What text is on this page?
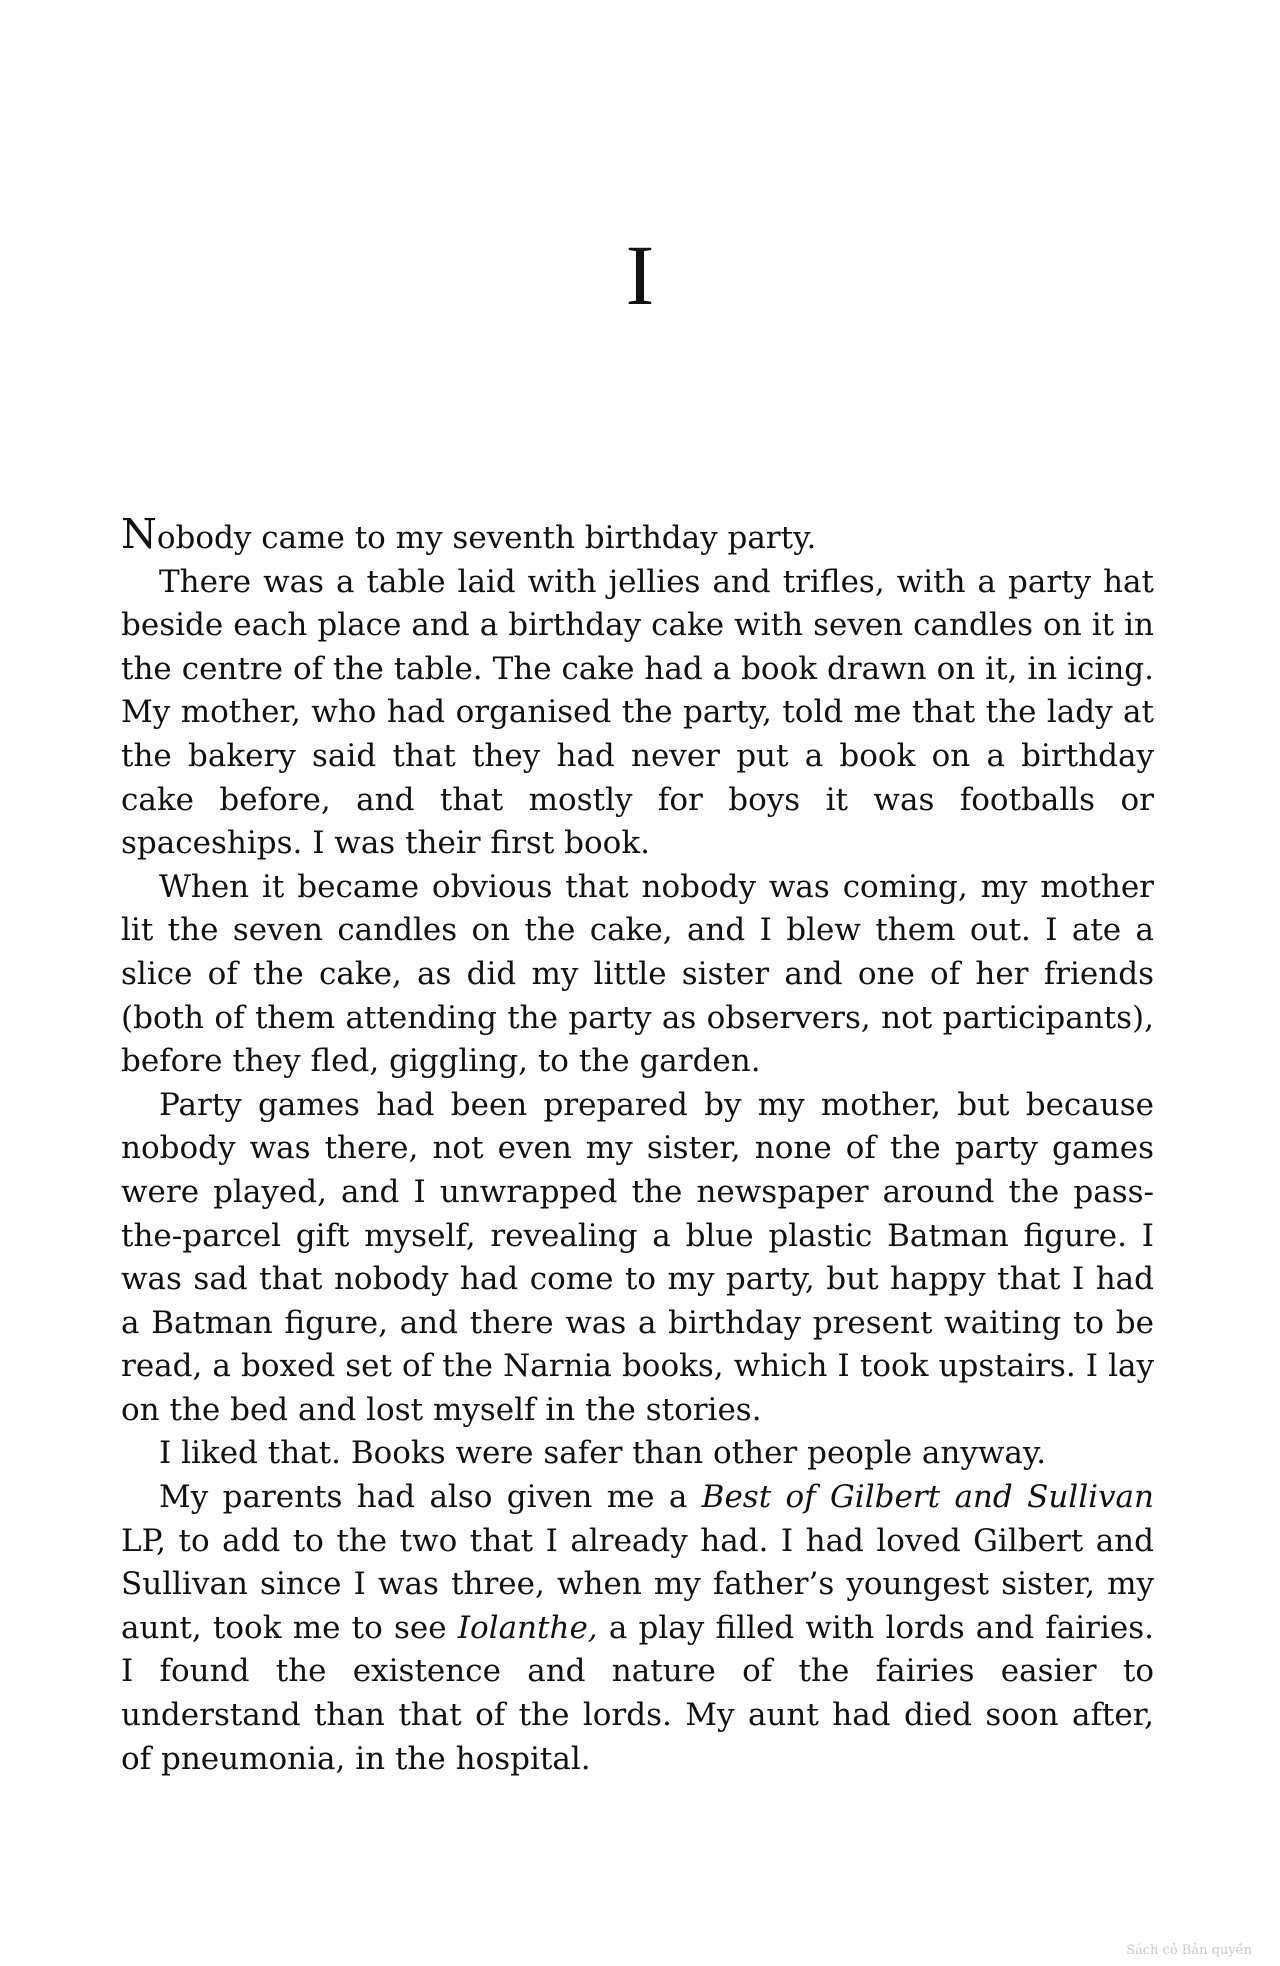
I

Nobody came to my seventh birthday party.

There was a table laid with jellies and trifles, with a party hat beside each place and a birthday cake with seven candles on it in the centre of the table. The cake had a book drawn on it, in icing. My mother, who had organised the party, told me that the lady at the bakery said that they had never put a book on a birthday cake before, and that mostly for boys it was footballs or spaceships. I was their first book.

When it became obvious that nobody was coming, my mother lit the seven candles on the cake, and I blew them out. I ate a slice of the cake, as did my little sister and one of her friends (both of them attending the party as observers, not participants), before they fled, giggling, to the garden.

Party games had been prepared by my mother, but because nobody was there, not even my sister, none of the party games were played, and I unwrapped the newspaper around the pass-the-parcel gift myself, revealing a blue plastic Batman figure. I was sad that nobody had come to my party, but happy that I had a Batman figure, and there was a birthday present waiting to be read, a boxed set of the Narnia books, which I took upstairs. I lay on the bed and lost myself in the stories.

I liked that. Books were safer than other people anyway.

My parents had also given me a Best of Gilbert and Sullivan LP, to add to the two that I already had. I had loved Gilbert and Sullivan since I was three, when my father’s youngest sister, my aunt, took me to see Iolanthe, a play filled with lords and fairies. I found the existence and nature of the fairies easier to understand than that of the lords. My aunt had died soon after, of pneumonia, in the hospital.

Sách cỏ Bản quyền
